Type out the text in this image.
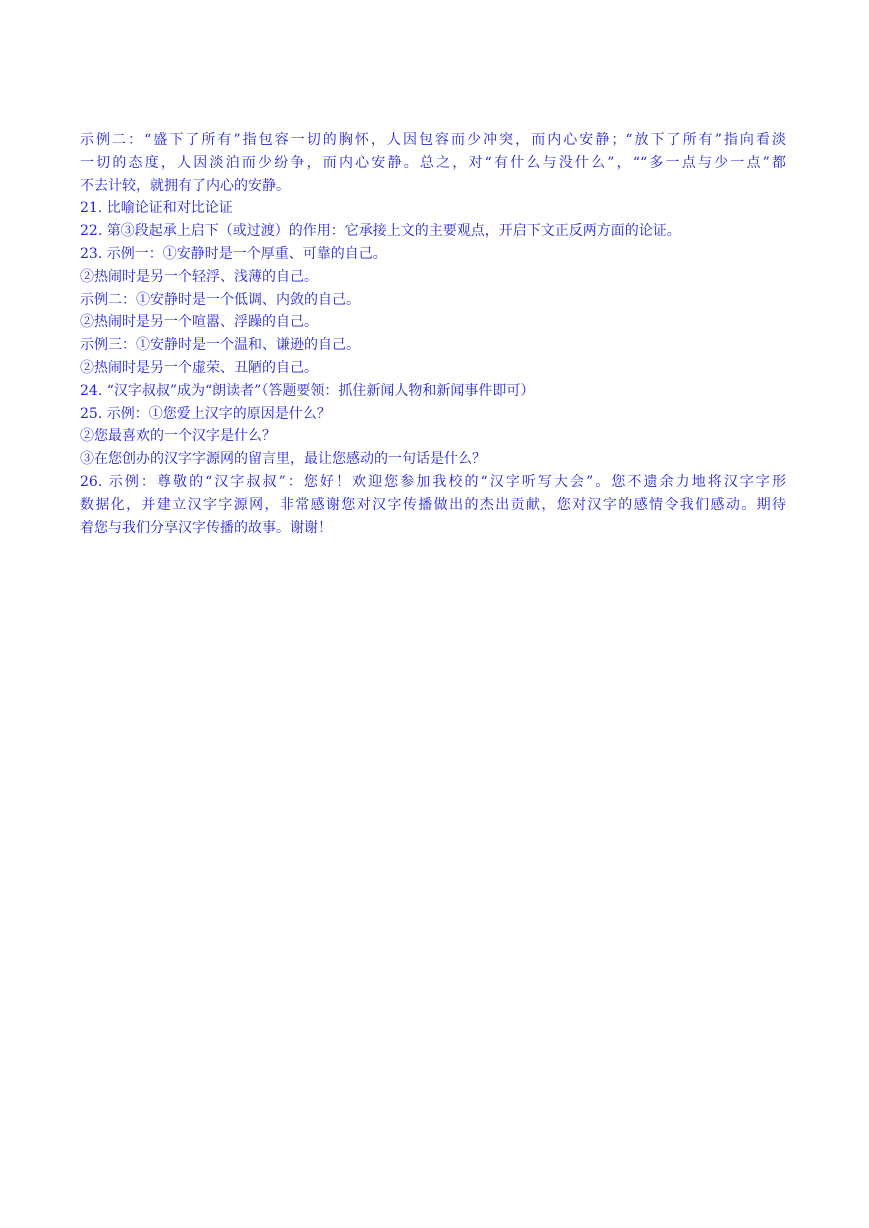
示例二：“盛下了所有”指包容一切的胸怀，人因包容而少冲突，而内心安静；“放下了所有”指向看淡
一切的态度，人因淡泊而少纷争，而内心安静。总之，对“有什么与没什么”，““多一点与少一点”都
不去计较，就拥有了内心的安静。
21. 比喻论证和对比论证
22. 第③段起承上启下（或过渡）的作用：它承接上文的主要观点，开启下文正反两方面的论证。
23. 示例一：①安静时是一个厚重、可靠的自己。
②热闹时是另一个轻浮、浅薄的自己。
示例二：①安静时是一个低调、内敛的自己。
②热闹时是另一个喧嚣、浮躁的自己。
示例三：①安静时是一个温和、谦逊的自己。
②热闹时是另一个虚荣、丑陋的自己。
24. “汉字叔叔”成为“朗读者”（答题要领：抓住新闻人物和新闻事件即可）
25. 示例：①您爱上汉字的原因是什么？
②您最喜欢的一个汉字是什么？
③在您创办的汉字字源网的留言里，最让您感动的一句话是什么？
26. 示例：尊敬的“汉字叔叔”：您好！欢迎您参加我校的“汉字听写大会”。您不遗余力地将汉字字形
数据化，并建立汉字字源网，非常感谢您对汉字传播做出的杰出贡献，您对汉字的感情令我们感动。期待
着您与我们分享汉字传播的故事。谢谢！
